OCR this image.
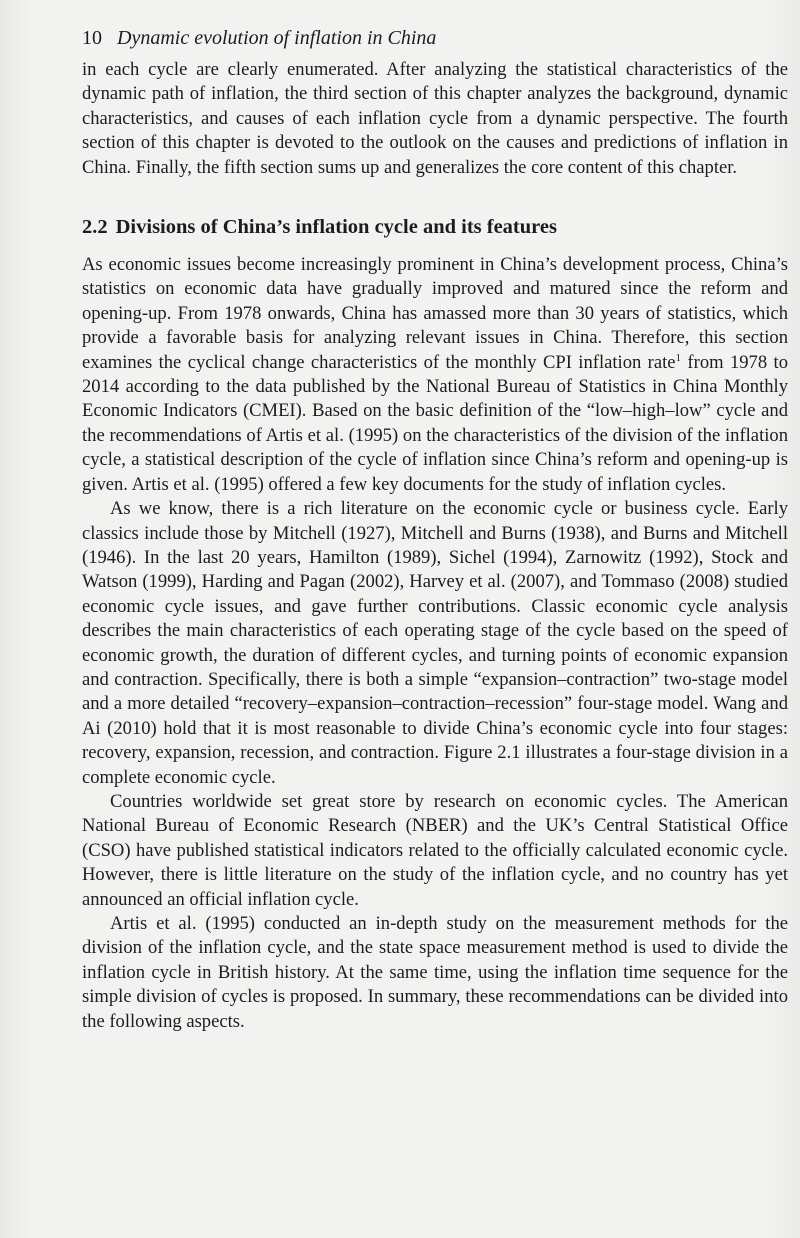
10 Dynamic evolution of inflation in China

in each cycle are clearly enumerated. After analyzing the statistical characteristics of the dynamic path of inflation, the third section of this chapter analyzes the background, dynamic characteristics, and causes of each inflation cycle from a dynamic perspective. The fourth section of this chapter is devoted to the outlook on the causes and predictions of inflation in China. Finally, the fifth section sums up and generalizes the core content of this chapter.

2.2 Divisions of China’s inflation cycle and its features

As economic issues become increasingly prominent in China’s development process, China’s statistics on economic data have gradually improved and matured since the reform and opening-up. From 1978 onwards, China has amassed more than 30 years of statistics, which provide a favorable basis for analyzing relevant issues in China. Therefore, this section examines the cyclical change characteristics of the monthly CPI inflation rate$^1$ from 1978 to 2014 according to the data published by the National Bureau of Statistics in China Monthly Economic Indicators (CMEI). Based on the basic definition of the “low–high–low” cycle and the recommendations of Artis et al. (1995) on the characteristics of the division of the inflation cycle, a statistical description of the cycle of inflation since China’s reform and opening-up is given. Artis et al. (1995) offered a few key documents for the study of inflation cycles.

As we know, there is a rich literature on the economic cycle or business cycle. Early classics include those by Mitchell (1927), Mitchell and Burns (1938), and Burns and Mitchell (1946). In the last 20 years, Hamilton (1989), Sichel (1994), Zarnowitz (1992), Stock and Watson (1999), Harding and Pagan (2002), Harvey et al. (2007), and Tommaso (2008) studied economic cycle issues, and gave further contributions. Classic economic cycle analysis describes the main characteristics of each operating stage of the cycle based on the speed of economic growth, the duration of different cycles, and turning points of economic expansion and contraction. Specifically, there is both a simple “expansion–contraction” two-stage model and a more detailed “recovery–expansion–contraction–recession” four-stage model. Wang and Ai (2010) hold that it is most reasonable to divide China’s economic cycle into four stages: recovery, expansion, recession, and contraction. Figure 2.1 illustrates a four-stage division in a complete economic cycle.

Countries worldwide set great store by research on economic cycles. The American National Bureau of Economic Research (NBER) and the UK’s Central Statistical Office (CSO) have published statistical indicators related to the officially calculated economic cycle. However, there is little literature on the study of the inflation cycle, and no country has yet announced an official inflation cycle.

Artis et al. (1995) conducted an in-depth study on the measurement methods for the division of the inflation cycle, and the state space measurement method is used to divide the inflation cycle in British history. At the same time, using the inflation time sequence for the simple division of cycles is proposed. In summary, these recommendations can be divided into the following aspects.
